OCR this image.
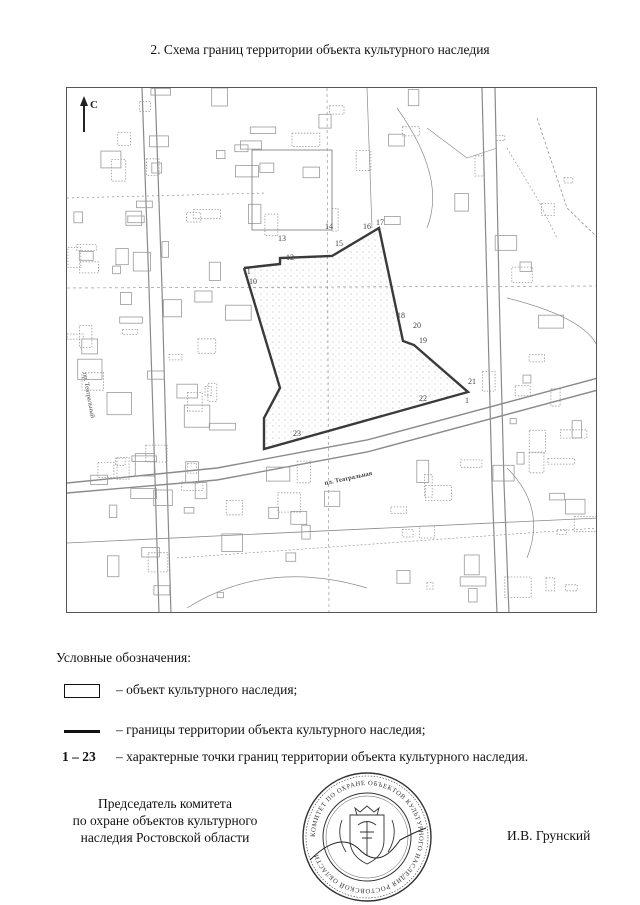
2. Схема границ территории объекта культурного наследия
С
пр. Театральный
пл. Театральная
1
10
11
12
13
14
15
16 17
18
19
20
21
22
23
Условные обозначения:
– объект культурного наследия;
– границы территории объекта культурного наследия;
1 – 23 – характерные точки границ территории объекта культурного наследия.
Председатель комитета
по охране объектов культурного
наследия Ростовской области	КОМИТЕТ ПО ОХРАНЕ ОБЪЕКТОВ КУЛЬТУРНОГО НАСЛЕДИЯ РОСТОВСКОЙ ОБЛАСТИ
И.В. Грунский
